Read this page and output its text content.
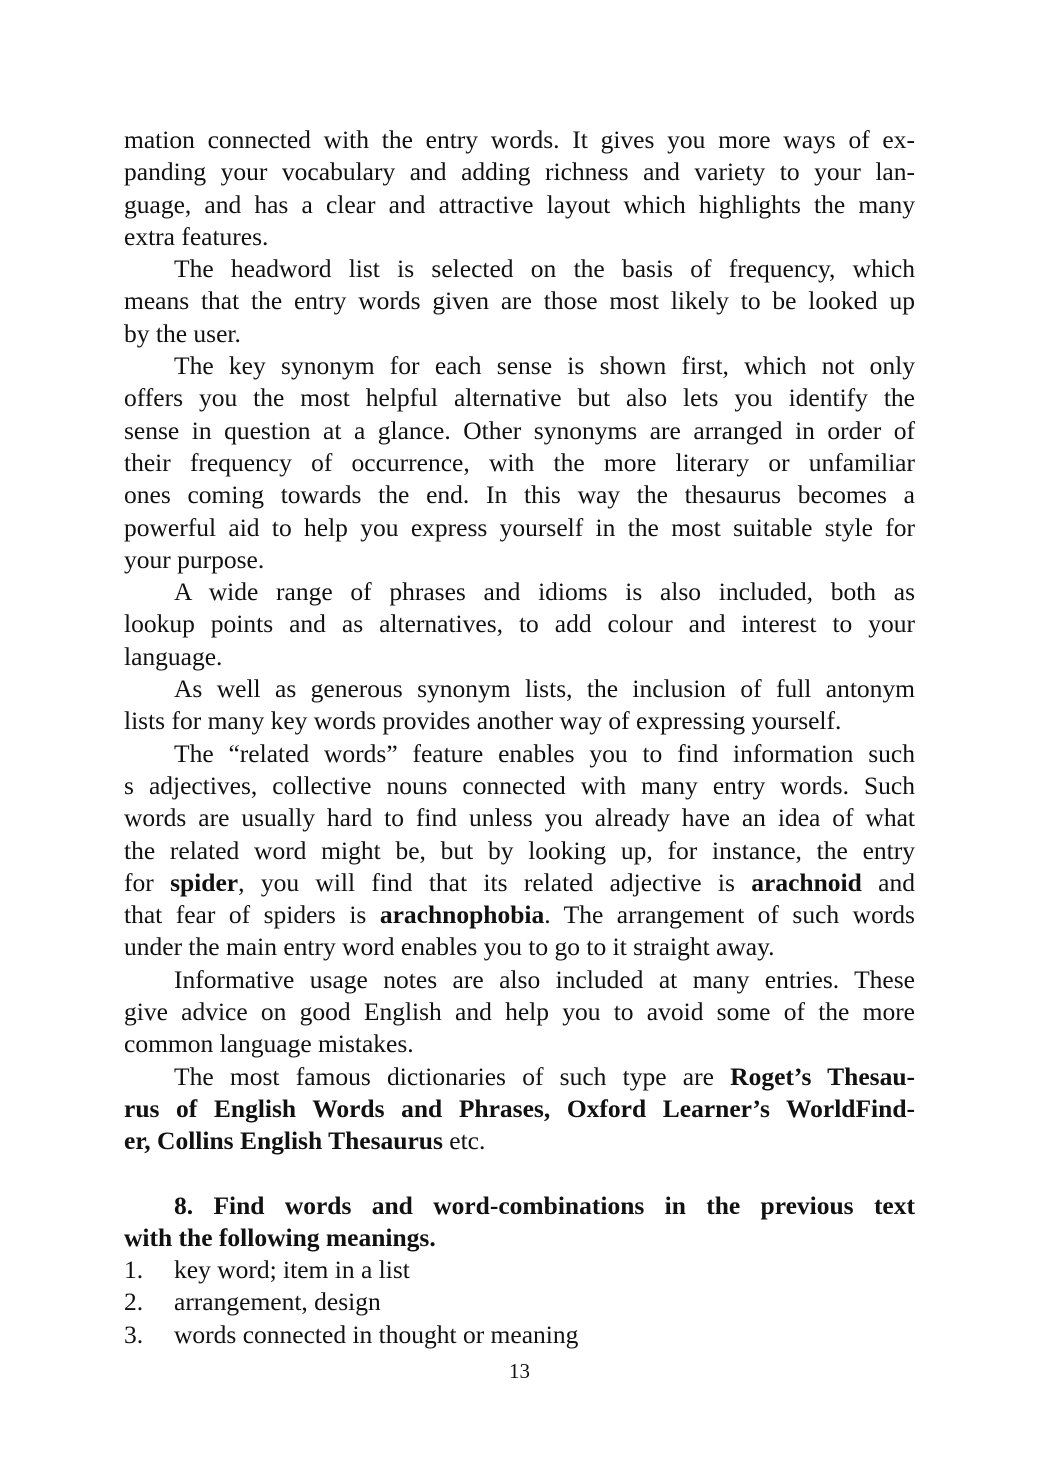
mation connected with the entry words. It gives you more ways of ex-
panding your vocabulary and adding richness and variety to your lan-
guage, and has a clear and attractive layout which highlights the many
extra features.
The headword list is selected on the basis of frequency, which
means that the entry words given are those most likely to be looked up
by the user.
The key synonym for each sense is shown first, which not only
offers you the most helpful alternative but also lets you identify the
sense in question at a glance. Other synonyms are arranged in order of
their frequency of occurrence, with the more literary or unfamiliar
ones coming towards the end. In this way the thesaurus becomes a
powerful aid to help you express yourself in the most suitable style for
your purpose.
A wide range of phrases and idioms is also included, both as
lookup points and as alternatives, to add colour and interest to your
language.
As well as generous synonym lists, the inclusion of full antonym
lists for many key words provides another way of expressing yourself.
The “related words” feature enables you to find information such
s adjectives, collective nouns connected with many entry words. Such
words are usually hard to find unless you already have an idea of what
the related word might be, but by looking up, for instance, the entry
for spider, you will find that its related adjective is arachnoid and
that fear of spiders is arachnophobia. The arrangement of such words
under the main entry word enables you to go to it straight away.
Informative usage notes are also included at many entries. These
give advice on good English and help you to avoid some of the more
common language mistakes.
The most famous dictionaries of such type are Roget’s Thesau-
rus of English Words and Phrases, Oxford Learner’s WorldFind-
er, Collins English Thesaurus etc.
8. Find words and word-combinations in the previous text
with the following meanings.
1. key word; item in a list
2. arrangement, design
3. words connected in thought or meaning
13
